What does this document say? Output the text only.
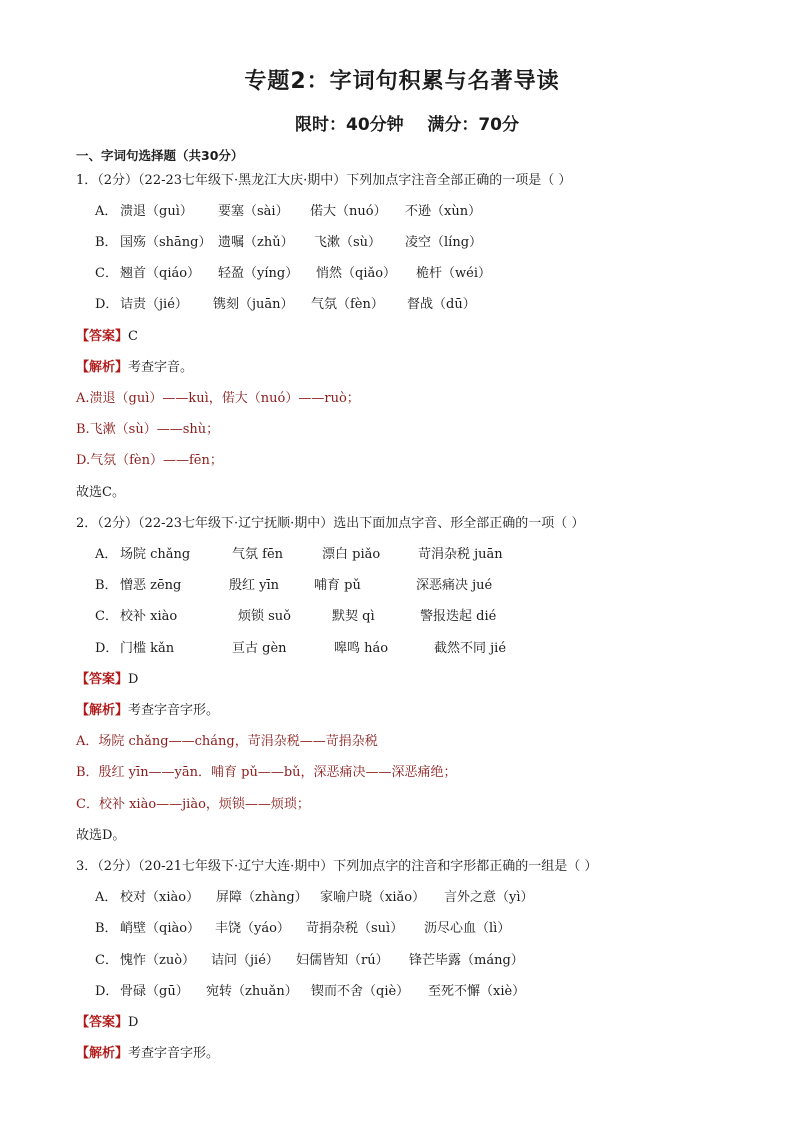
专题2：字词句积累与名著导读
限时：40分钟    满分：70分
一、字词句选择题（共30分）
1．（2分）（22-23七年级下·黑龙江大庆·期中）下列加点字注音全部正确的一项是（ ）
A． 溃退（guì） 要塞（sài） 偌大（nuó） 不逊（xùn）
B． 国殇（shāng） 遗嘱（zhǔ） 飞漱（sù） 凌空（líng）
C． 翘首（qiáo） 轻盈（yíng） 悄然（qiǎo） 桅杆（wéi）
D． 诘责（jié） 镌刻（juān） 气氛（fèn） 督战（dū）
【答案】C
【解析】考查字音。
A.溃退（guì）——kuì，偌大（nuó）——ruò；
B.飞漱（sù）——shù；
D.气氛（fèn）——fēn；
故选C。
2．（2分）（22-23七年级下·辽宁抚顺·期中）选出下面加点字音、形全部正确的一项（ ）
A． 场院 chǎng	气氛 fēn	漂白 piǎo	苛涓杂税 juān
B． 憎恶 zēng	殷红 yīn	哺育 pǔ	深恶痛决 jué
C． 校补 xiào	烦锁 suǒ	默契 qì	警报迭起 dié
D． 门槛 kǎn	亘古 gèn	嗥鸣 háo	截然不同 jié
【答案】D
【解析】考查字音字形。
A．场院 chǎng——cháng，苛涓杂税——苛捐杂税
B．殷红 yīn——yān．哺育 pǔ——bǔ，深恶痛决——深恶痛绝；
C．校补 xiào——jiào，烦锁——烦琐；
故选D。
3．（2分）（20-21七年级下·辽宁大连·期中）下列加点字的注音和字形都正确的一组是（ ）
A． 校对（xiào） 屏障（zhàng） 家喻户晓（xiǎo） 言外之意（yì）
B． 峭壁（qiào） 丰饶（yáo） 苛捐杂税（suì） 沥尽心血（lì）
C． 愧怍（zuò） 诘问（jié） 妇儒皆知（rú） 锋芒毕露（máng）
D． 骨碌（gū） 宛转（zhuǎn） 锲而不舍（qiè） 至死不懈（xiè）
【答案】D
【解析】考查字音字形。
